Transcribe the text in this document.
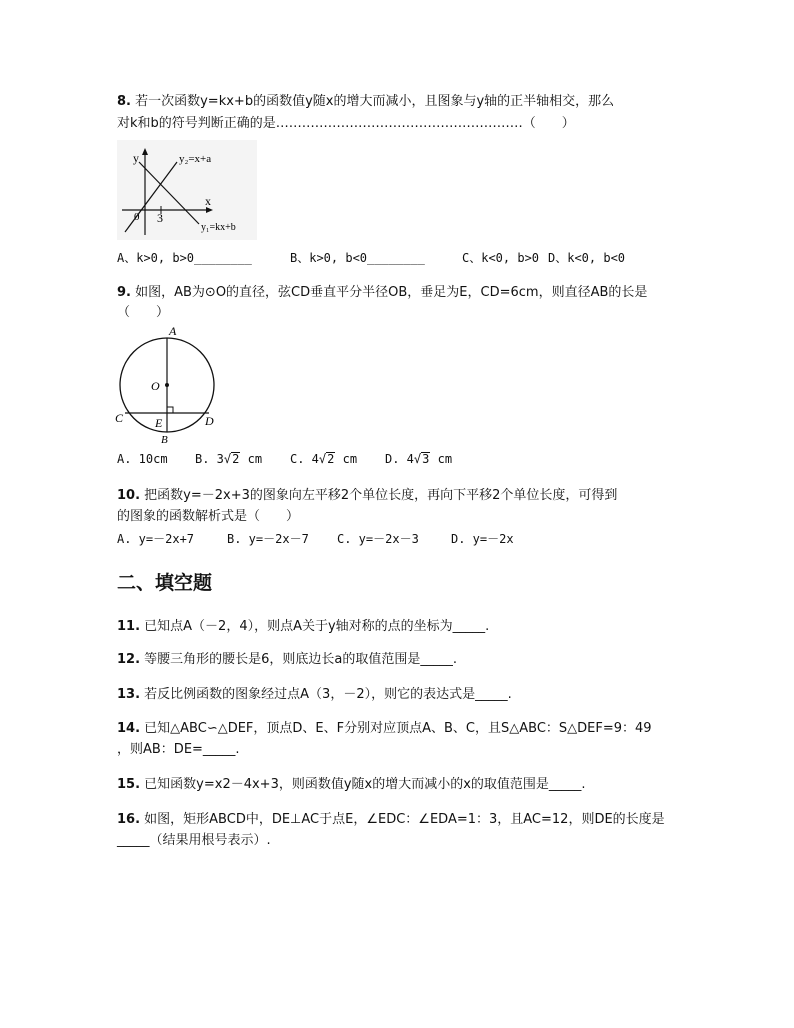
8. 若一次函数y=kx+b的函数值y随x的增大而减小，且图象与y轴的正半轴相交，那么
对k和b的符号判断正确的是…………………………………………………（　　）
y
x
0 3
y₂=x+a
y₁=kx+b
A、k>0, b>0________	B、k>0, b<0________	C、k<0, b>0 D、k<0, b<0
9. 如图，AB为⊙O的直径，弦CD垂直平分半径OB，垂足为E，CD=6cm，则直径AB的长是
（　　）
A
O
C	D
E
B
A. 10cm B. 3√2 cm C. 4√2 cm D. 4√3 cm
10. 把函数y=－2x+3的图象向左平移2个单位长度，再向下平移2个单位长度，可得到
的图象的函数解析式是（　　）
A. y=－2x+7	B. y=－2x－7 C. y=－2x－3	D. y=－2x
二、填空题
11. 已知点A（－2，4），则点A关于y轴对称的点的坐标为_____.
12. 等腰三角形的腰长是6，则底边长a的取值范围是_____.
13. 若反比例函数的图象经过点A（3，－2），则它的表达式是_____.
14. 已知△ABC∽△DEF，顶点D、E、F分别对应顶点A、B、C，且S△ABC：S△DEF=9：49
，则AB：DE=_____.
15. 已知函数y=x2－4x+3，则函数值y随x的增大而减小的x的取值范围是_____.
16. 如图，矩形ABCD中，DE⊥AC于点E，∠EDC：∠EDA=1：3，且AC=12，则DE的长度是
_____（结果用根号表示）.
